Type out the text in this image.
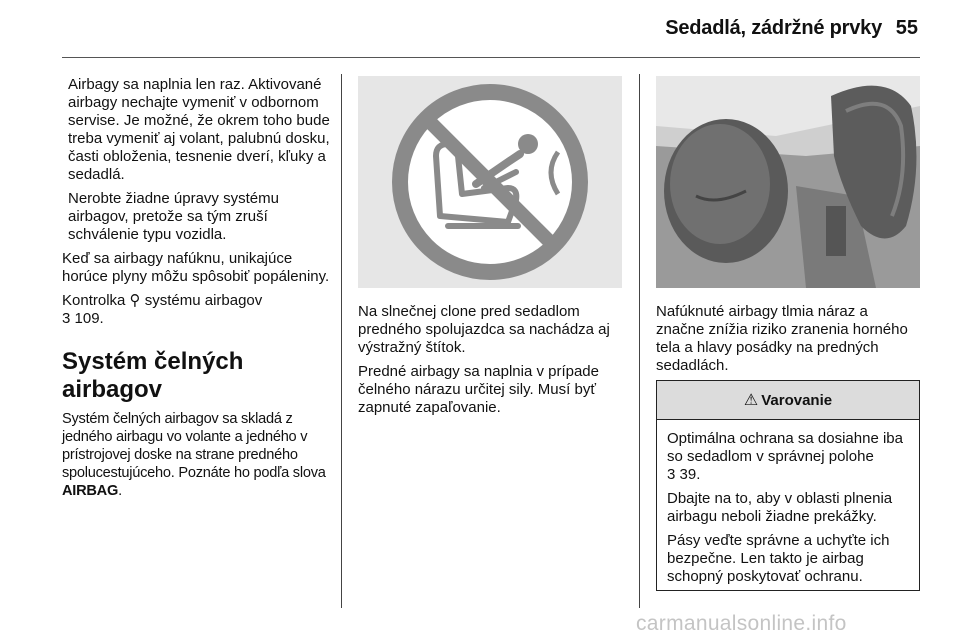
Sedadlá, zádržné prvky 55

Airbagy sa naplnia len raz. Aktivované airbagy nechajte vymeniť v odbornom servise. Je možné, že okrem toho bude treba vymeniť aj volant, palubnú dosku, časti obloženia, tesnenie dverí, kľuky a sedadlá.

Nerobte žiadne úpravy systému airbagov, pretože sa tým zruší schválenie typu vozidla.

Keď sa airbagy nafúknu, unikajúce horúce plyny môžu spôsobiť popáleniny.

Kontrolka ⚲ systému airbagov
3 109.

Systém čelných airbagov

Systém čelných airbagov sa skladá z jedného airbagu vo volante a jedného v prístrojovej doske na strane predného spolucestujúceho. Poznáte ho podľa slova AIRBAG.

Na slnečnej clone pred sedadlom predného spolujazdca sa nachádza aj výstražný štítok.

Predné airbagy sa naplnia v prípade čelného nárazu určitej sily. Musí byť zapnuté zapaľovanie.

Nafúknuté airbagy tlmia náraz a značne znížia riziko zranenia horného tela a hlavy posádky na predných sedadlách.

⚠ Varovanie

Optimálna ochrana sa dosiahne iba so sedadlom v správnej polohe
3 39.

Dbajte na to, aby v oblasti plnenia airbagu neboli žiadne prekážky.

Pásy veďte správne a uchyťte ich bezpečne. Len takto je airbag schopný poskytovať ochranu.

carmanualsonline.info
